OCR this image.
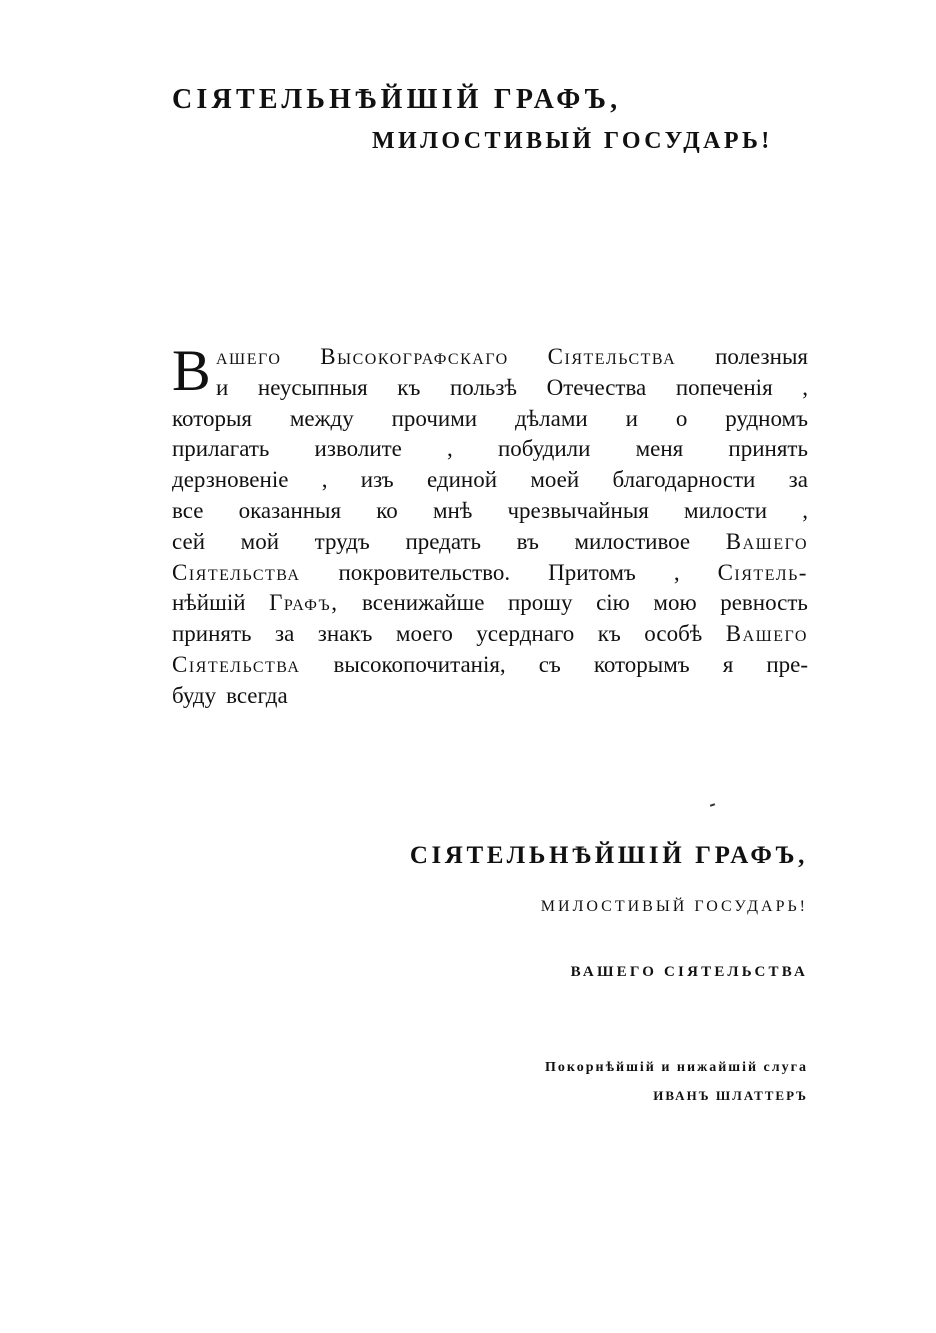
СІЯТЕЛЬНѢЙШІЙ ГРАФЪ,
МИЛОСТИВЫЙ ГОСУДАРЬ!
В ашего Высокографскаго Сіятельства полезныя
и неусыпныя къ пользѣ Отечества попеченія ,
которыя между прочими дѣлами и о рудномъ
прилагать изволите , побудили меня принять
дерзновеніе , изъ единой моей благодарности за
все оказанныя ко мнѣ чрезвычайныя милости ,
сей мой трудъ предать въ милостивое Вашего
Сіятельства покровительство. Притомъ , Сіятель-
нѣйшій Графъ, всенижайше прошу сію мою ревность
принять за знакъ моего усерднаго къ особѣ Вашего
Сіятельства высокопочитанія, съ которымъ я пре-
буду всегда
СІЯТЕЛЬНѢЙШІЙ ГРАФЪ,
МИЛОСТИВЫЙ ГОСУДАРЬ!
ВАШЕГО СІЯТЕЛЬСТВА
Покорнѣйшій и нижайшій слуга
ИВАНЪ ШЛАТТЕРЪ
